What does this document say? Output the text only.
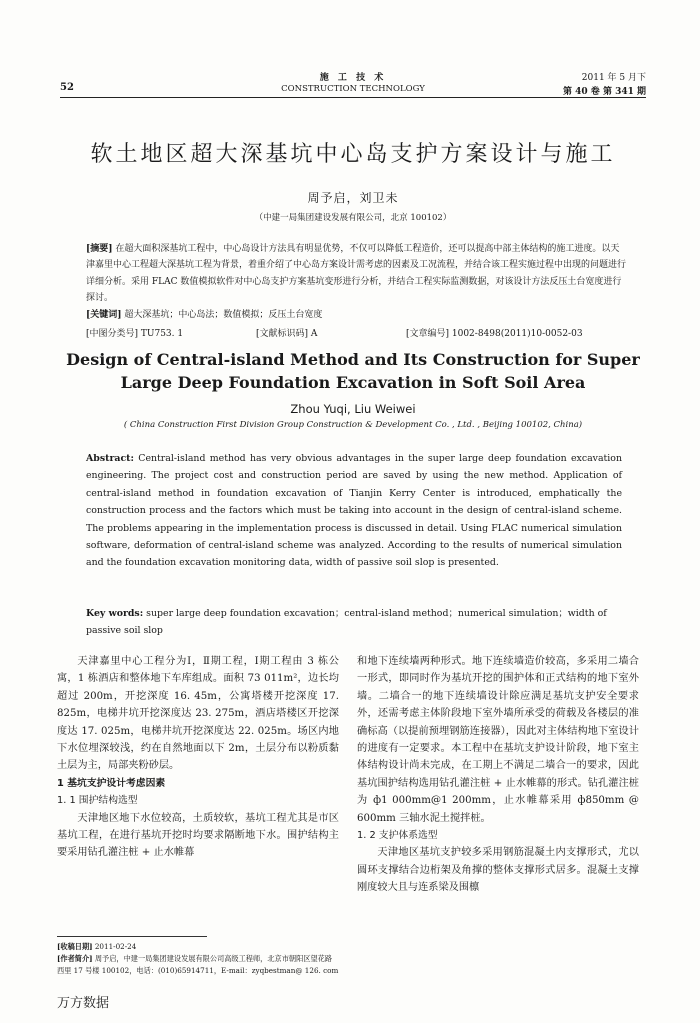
52
施 工 技 术
CONSTRUCTION TECHNOLOGY
2011 年 5 月下
第 40 卷 第 341 期
软土地区超大深基坑中心岛支护方案设计与施工
周予启，刘卫未
（中建一局集团建设发展有限公司，北京 100102）
[摘要] 在超大面积深基坑工程中，中心岛设计方法具有明显优势，不仅可以降低工程造价，还可以提高中部主体结构的施工进度。以天津嘉里中心工程超大深基坑工程为背景，着重介绍了中心岛方案设计需考虑的因素及工况流程，并结合该工程实施过程中出现的问题进行详细分析。采用 FLAC 数值模拟软件对中心岛支护方案基坑变形进行分析，并结合工程实际监测数据，对该设计方法反压土台宽度进行探讨。
[关键词] 超大深基坑；中心岛法；数值模拟；反压土台宽度
[中图分类号] TU753. 1	[文献标识码] A	[文章编号] 1002-8498(2011)10-0052-03
Design of Central-island Method and Its Construction for Super Large Deep Foundation Excavation in Soft Soil Area
Zhou Yuqi, Liu Weiwei
( China Construction First Division Group Construction & Development Co. , Ltd. , Beijing 100102, China)
Abstract: Central-island method has very obvious advantages in the super large deep foundation excavation engineering. The project cost and construction period are saved by using the new method. Application of central-island method in foundation excavation of Tianjin Kerry Center is introduced, emphatically the construction process and the factors which must be taking into account in the design of central-island scheme. The problems appearing in the implementation process is discussed in detail. Using FLAC numerical simulation software, deformation of central-island scheme was analyzed. According to the results of numerical simulation and the foundation excavation monitoring data, width of passive soil slop is presented.
Key words: super large deep foundation excavation；central-island method；numerical simulation；width of passive soil slop

天津嘉里中心工程分为Ⅰ，Ⅱ期工程，Ⅰ期工程由 3 栋公寓，1 栋酒店和整体地下车库组成。面积 73 011m²，边长均超过 200m，开挖深度 16. 45m，公寓塔楼开挖深度 17. 825m，电梯井坑开挖深度达 23. 275m，酒店塔楼区开挖深度达 17. 025m，电梯井坑开挖深度达 22. 025m。场区内地下水位埋深较浅，约在自然地面以下 2m，土层分布以粉质黏土层为主，局部夹粉砂层。

1 基坑支护设计考虑因素

1. 1 围护结构选型

天津地区地下水位较高，土质较软，基坑工程尤其是市区基坑工程，在进行基坑开挖时均要求隔断地下水。围护结构主要采用钻孔灌注桩 + 止水帷幕

和地下连续墙两种形式。地下连续墙造价较高，多采用二墙合一形式，即同时作为基坑开挖的围护体和正式结构的地下室外墙。二墙合一的地下连续墙设计除应满足基坑支护安全要求外，还需考虑主体阶段地下室外墙所承受的荷载及各楼层的准确标高（以提前预埋钢筋连接器），因此对主体结构地下室设计的进度有一定要求。本工程中在基坑支护设计阶段，地下室主体结构设计尚未完成，在工期上不满足二墙合一的要求，因此基坑围护结构选用钻孔灌注桩 + 止水帷幕的形式。钻孔灌注桩为 ф1 000mm@1 200mm，止水帷幕采用 ф850mm @ 600mm 三轴水泥土搅拌桩。

1. 2 支护体系选型

天津地区基坑支护较多采用钢筋混凝土内支撑形式，尤以圆环支撑结合边桁架及角撑的整体支撑形式居多。混凝土支撑刚度较大且与连系梁及围檩

[收稿日期] 2011-02-24
[作者简介] 周予启，中建一局集团建设发展有限公司高级工程师，北京市朝阳区望花路西里 17 号楼 100102，电话：(010)65914711，E-mail：zyqbestman@ 126. com
万方数据
